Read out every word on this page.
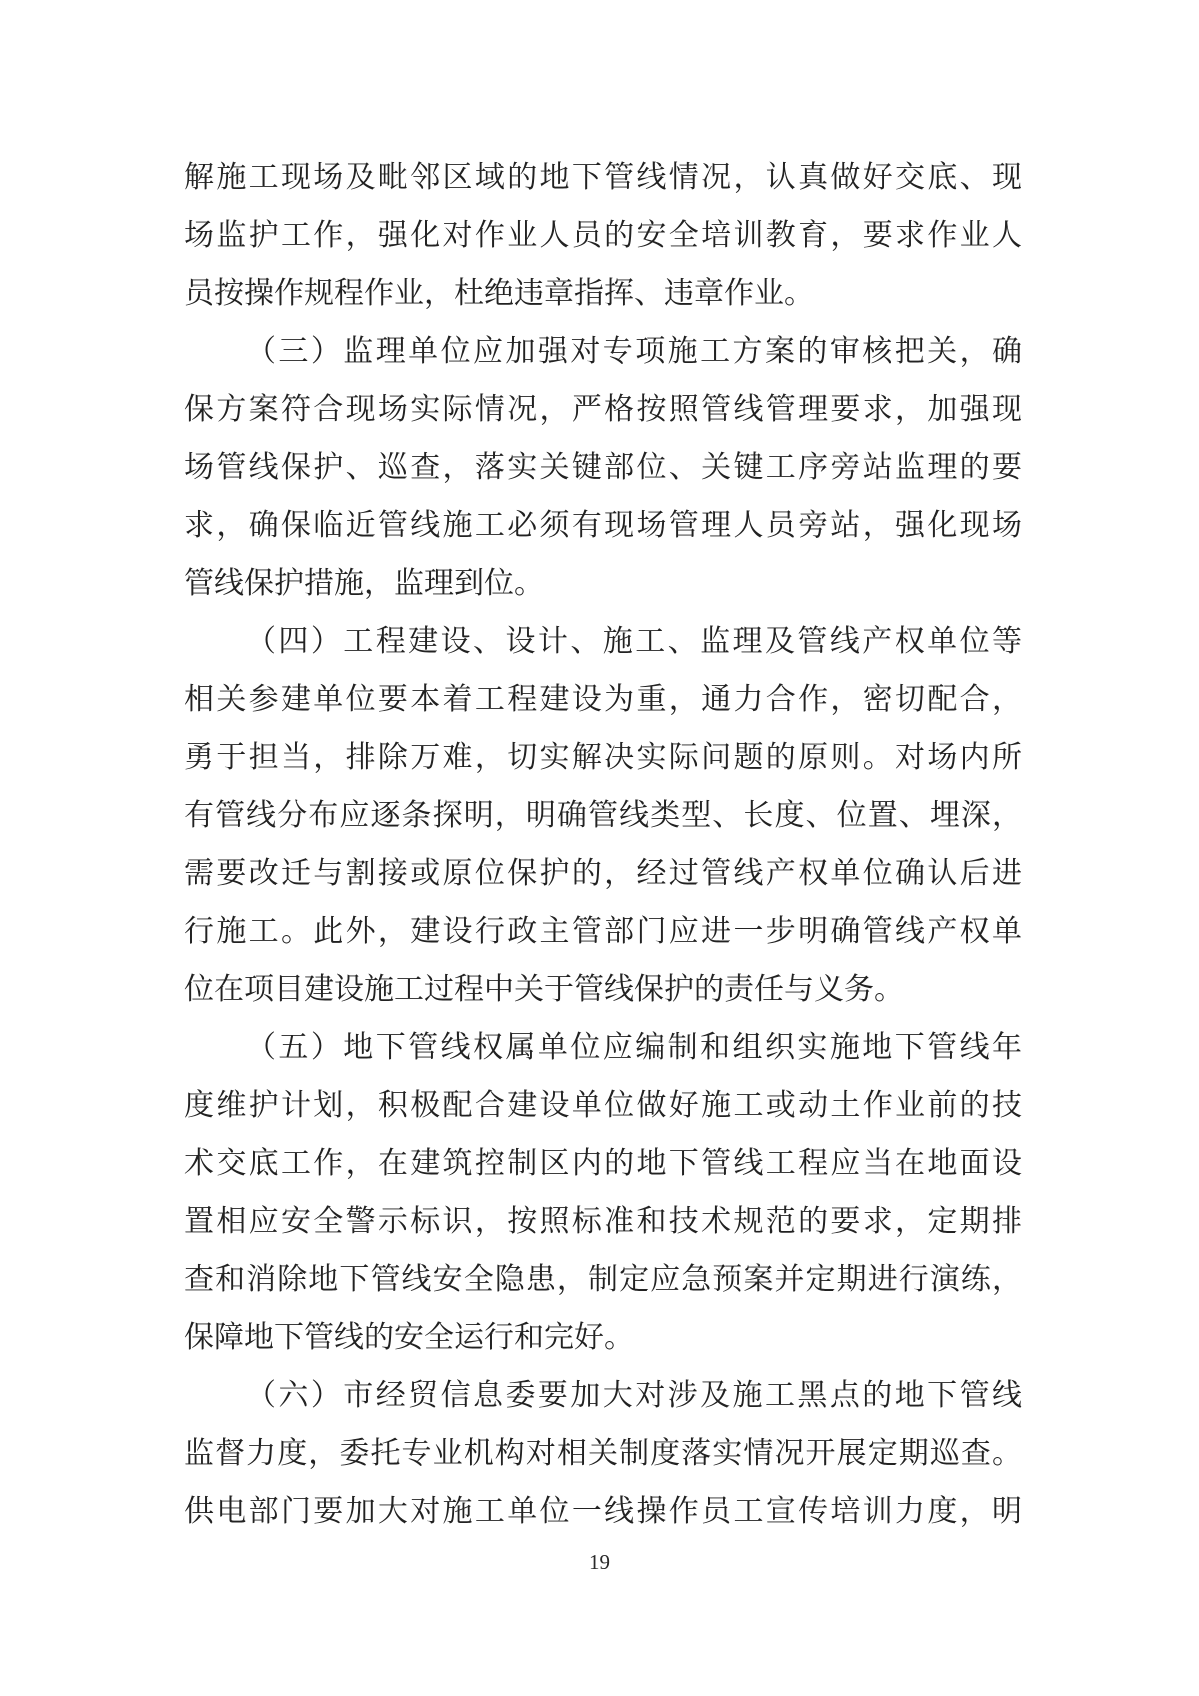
解施工现场及毗邻区域的地下管线情况，认真做好交底、现
场监护工作，强化对作业人员的安全培训教育，要求作业人
员按操作规程作业，杜绝违章指挥、违章作业。
（三）监理单位应加强对专项施工方案的审核把关，确
保方案符合现场实际情况，严格按照管线管理要求，加强现
场管线保护、巡查，落实关键部位、关键工序旁站监理的要
求，确保临近管线施工必须有现场管理人员旁站，强化现场
管线保护措施，监理到位。
（四）工程建设、设计、施工、监理及管线产权单位等
相关参建单位要本着工程建设为重，通力合作，密切配合，
勇于担当，排除万难，切实解决实际问题的原则。对场内所
有管线分布应逐条探明，明确管线类型、长度、位置、埋深，
需要改迁与割接或原位保护的，经过管线产权单位确认后进
行施工。此外，建设行政主管部门应进一步明确管线产权单
位在项目建设施工过程中关于管线保护的责任与义务。
（五）地下管线权属单位应编制和组织实施地下管线年
度维护计划，积极配合建设单位做好施工或动土作业前的技
术交底工作，在建筑控制区内的地下管线工程应当在地面设
置相应安全警示标识，按照标准和技术规范的要求，定期排
查和消除地下管线安全隐患，制定应急预案并定期进行演练，
保障地下管线的安全运行和完好。
（六）市经贸信息委要加大对涉及施工黑点的地下管线
监督力度，委托专业机构对相关制度落实情况开展定期巡查。
供电部门要加大对施工单位一线操作员工宣传培训力度，明
19
